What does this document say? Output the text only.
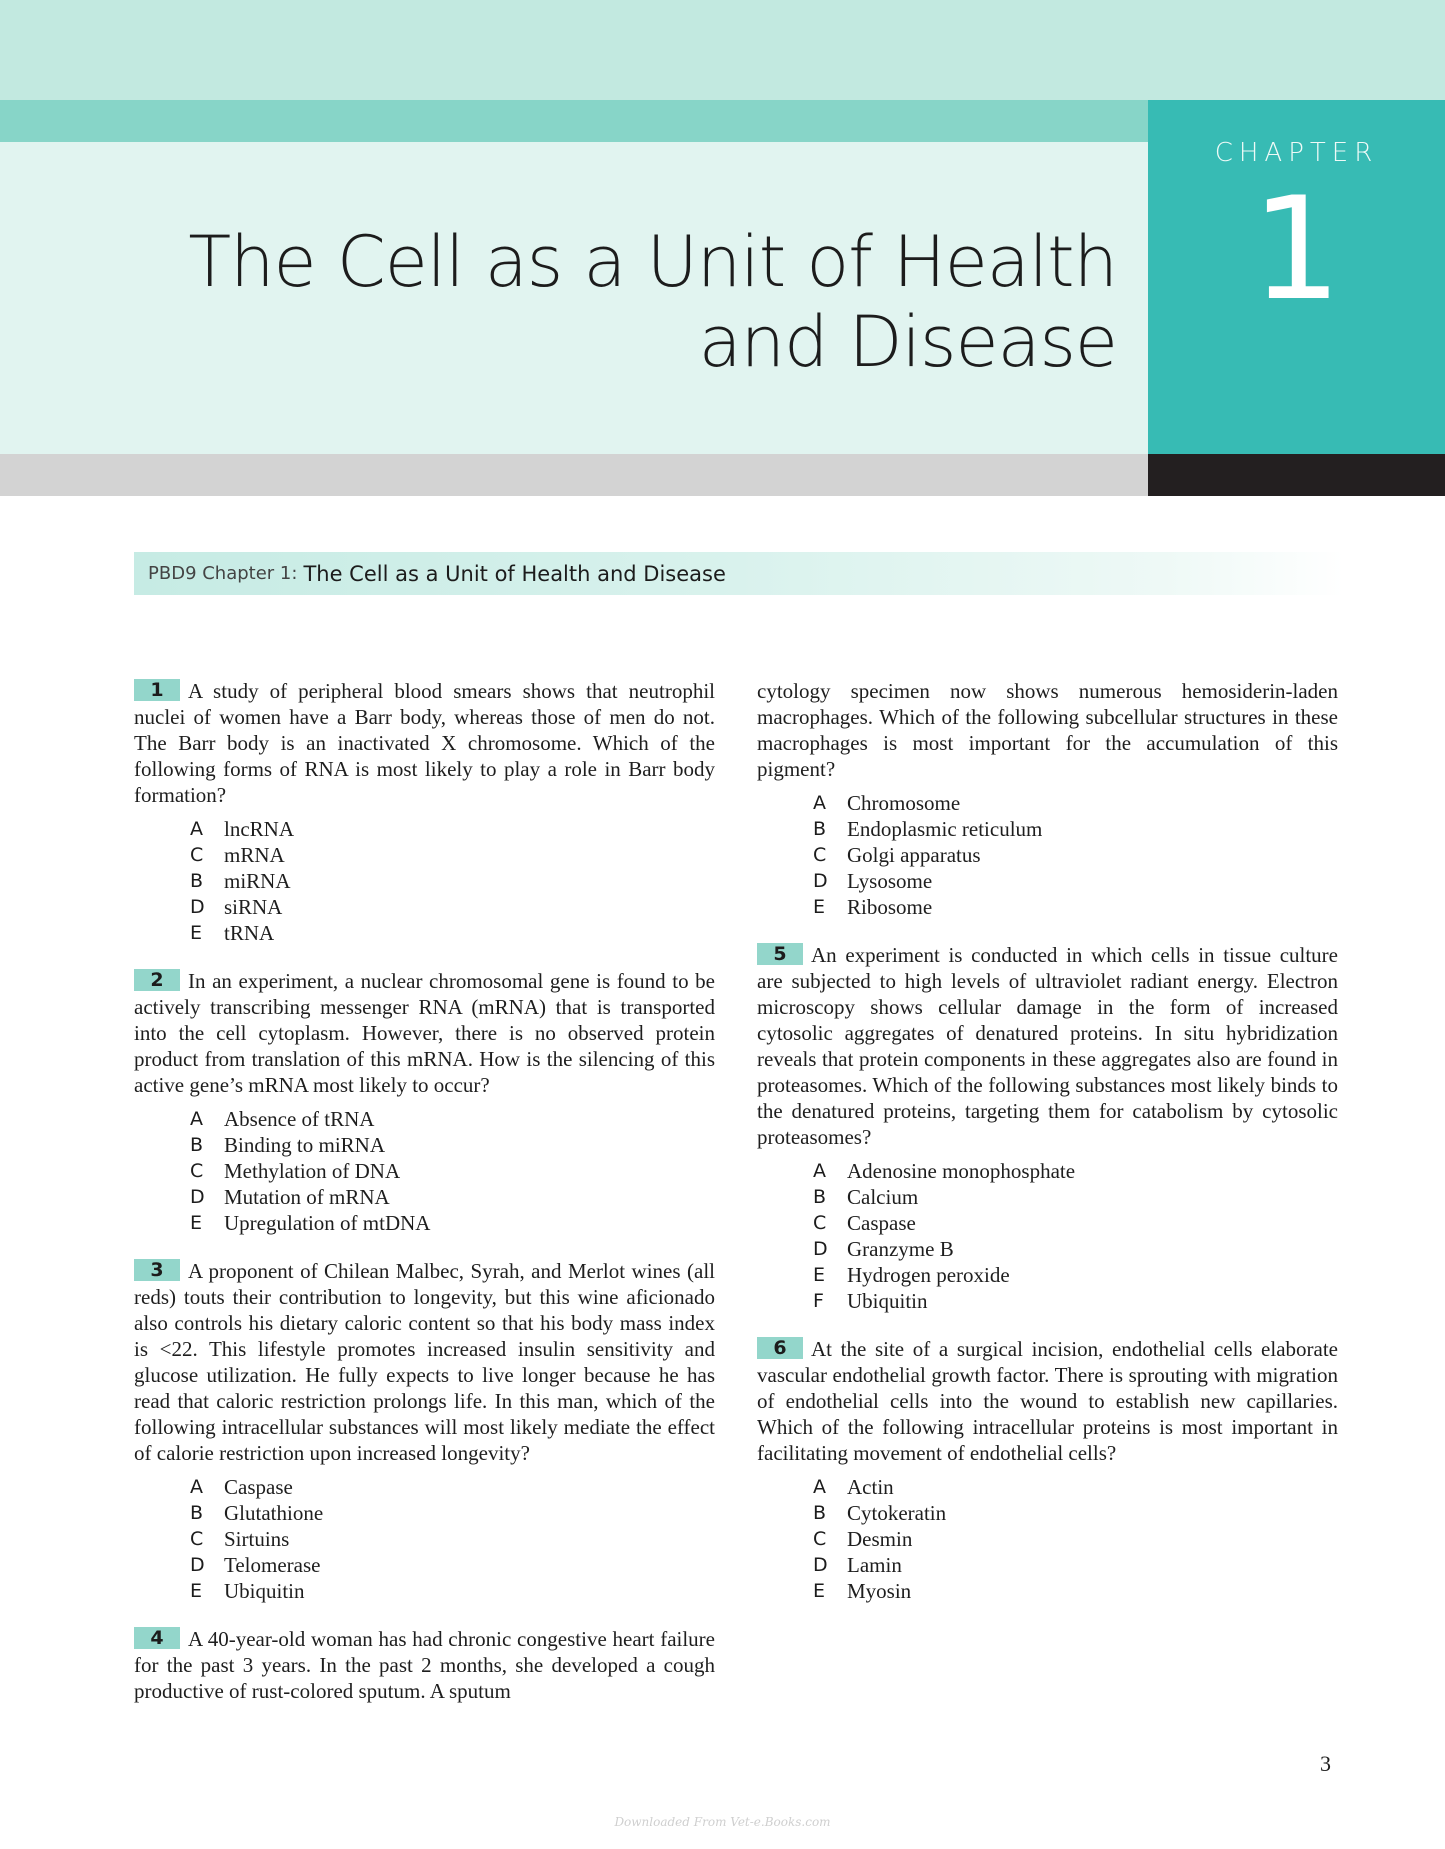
CHAPTER
1
The Cell as a Unit of Health
and Disease
PBD9 Chapter 1: The Cell as a Unit of Health and Disease

1 A study of peripheral blood smears shows that neutrophil nuclei of women have a Barr body, whereas those of men do not. The Barr body is an inactivated X chromosome. Which of the following forms of RNA is most likely to play a role in Barr body formation?

A	lncRNA
C mRNA
B miRNA
D siRNA
E	tRNA

2 In an experiment, a nuclear chromosomal gene is found to be actively transcribing messenger RNA (mRNA) that is transported into the cell cytoplasm. However, there is no observed protein product from translation of this mRNA. How is the silencing of this active gene’s mRNA most likely to occur?

A	Absence of tRNA
B Binding to miRNA
C Methylation of DNA
D Mutation of mRNA
E	Upregulation of mtDNA

3 A proponent of Chilean Malbec, Syrah, and Merlot wines (all reds) touts their contribution to longevity, but this wine aficionado also controls his dietary caloric content so that his body mass index is <22. This lifestyle promotes increased insulin sensitivity and glucose utilization. He fully expects to live longer because he has read that caloric restriction prolongs life. In this man, which of the following intracellular substances will most likely mediate the effect of calorie restriction upon increased longevity?

A	Caspase
B Glutathione
C Sirtuins
D Telomerase
E	Ubiquitin

4 A 40-year-old woman has had chronic congestive heart failure for the past 3 years. In the past 2 months, she developed a cough productive of rust-colored sputum. A sputum

cytology specimen now shows numerous hemosiderin-laden macrophages. Which of the following subcellular structures in these macrophages is most important for the accumulation of this pigment?

A	Chromosome
B Endoplasmic reticulum
C Golgi apparatus
D Lysosome
E	Ribosome

5 An experiment is conducted in which cells in tissue culture are subjected to high levels of ultraviolet radiant energy. Electron microscopy shows cellular damage in the form of increased cytosolic aggregates of denatured proteins. In situ hybridization reveals that protein components in these aggregates also are found in proteasomes. Which of the following substances most likely binds to the denatured proteins, targeting them for catabolism by cytosolic proteasomes?

A	Adenosine monophosphate
B Calcium
C Caspase
D Granzyme B
E	Hydrogen peroxide
F	Ubiquitin

6 At the site of a surgical incision, endothelial cells elaborate vascular endothelial growth factor. There is sprouting with migration of endothelial cells into the wound to establish new capillaries. Which of the following intracellular proteins is most important in facilitating movement of endothelial cells?

A	Actin
B Cytokeratin
C Desmin
D Lamin
E	Myosin
3
Downloaded From Vet-e.Books.com
